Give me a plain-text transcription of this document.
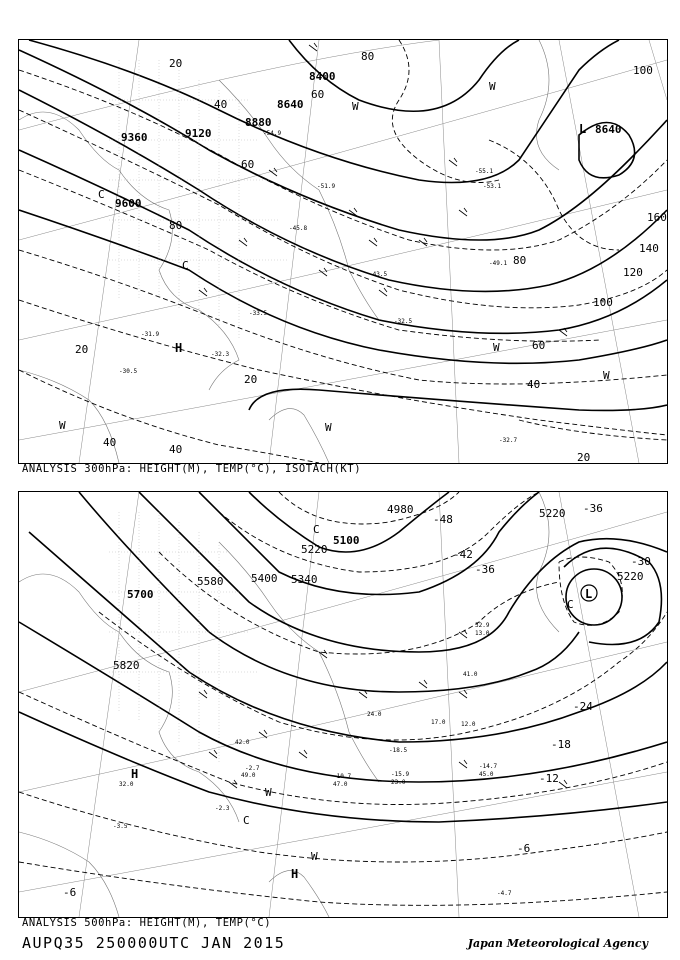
8400
8640
8880
9120
9360
9600
8640
20
40
60
80
100
120
140
160
80
60
40
20
40
40
20
20
100
80
60
H
L
C
C
W
W
W
W
W
W
-54.9
-55.1
-53.1
-51.9
-49.1
-45.8
-43.5
-32.5
-31.9
-32.3
-33.5
-30.5
-32.7
ANALYSIS 300hPa: HEIGHT(M), TEMP(°C), ISOTACH(KT)
4980
5100
5220
5340
5400
5580
5700
5820
5220
5220
-48
-42
-36
-30
-36
-24
-18
-12
-6
-6
L
H
H
C
C
C
W
W
32.9
13.0
41.0
24.0
17.0	12.0
45.0
23.0
47.0
49.0
42.0
32.0
-15.9
-10.7
-18.5
-14.7
-4.7
-3.5
-2.7
-2.3
ANALYSIS 500hPa: HEIGHT(M), TEMP(°C)
AUPQ35 250000UTC JAN 2015	Japan Meteorological Agency
